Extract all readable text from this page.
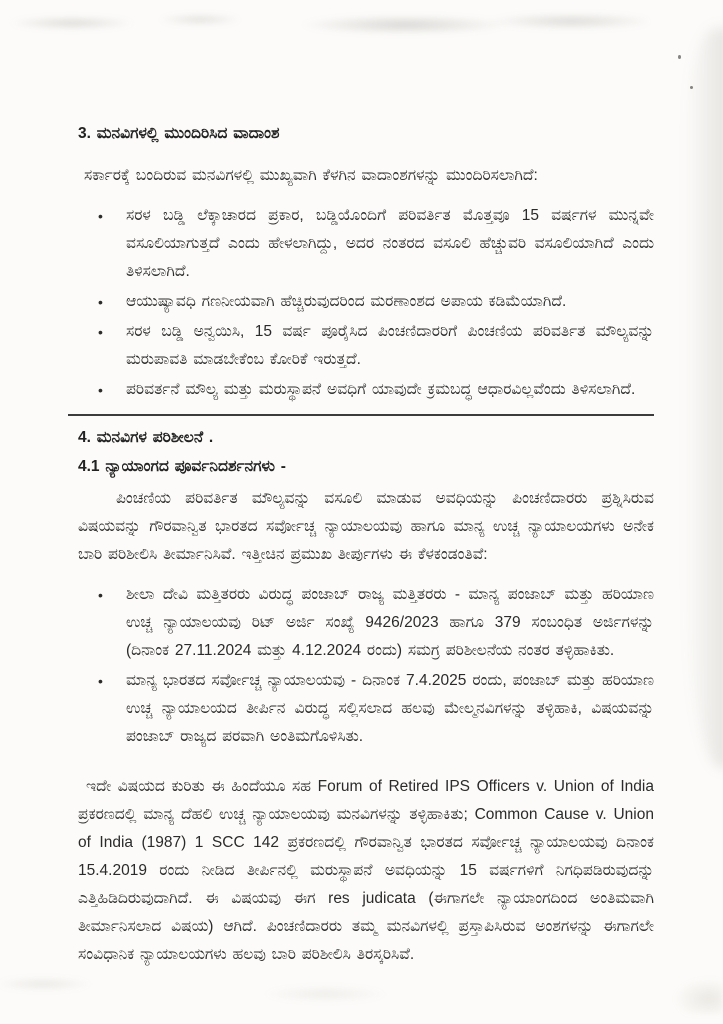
3. ಮನವಿಗಳಲ್ಲಿ ಮುಂದಿರಿಸಿದ ವಾದಾಂಶ

ಸರ್ಕಾರಕ್ಕೆ ಬಂದಿರುವ ಮನವಿಗಳಲ್ಲಿ ಮುಖ್ಯವಾಗಿ ಕೆಳಗಿನ ವಾದಾಂಶಗಳನ್ನು ಮುಂದಿರಿಸಲಾಗಿದೆ:

• ಸರಳ ಬಡ್ಡಿ ಲೆಕ್ಕಾಚಾರದ ಪ್ರಕಾರ, ಬಡ್ಡಿಯೊಂದಿಗೆ ಪರಿವರ್ತಿತ ಮೊತ್ತವೂ 15 ವರ್ಷಗಳ ಮುನ್ನವೇ ವಸೂಲಿಯಾಗುತ್ತದೆ ಎಂದು ಹೇಳಲಾಗಿದ್ದು, ಅದರ ನಂತರದ ವಸೂಲಿ ಹೆಚ್ಚುವರಿ ವಸೂಲಿಯಾಗಿದೆ ಎಂದು ತಿಳಿಸಲಾಗಿದೆ.
• ಆಯುಷ್ಯಾವಧಿ ಗಣನೀಯವಾಗಿ ಹೆಚ್ಚಿರುವುದರಿಂದ ಮರಣಾಂಶದ ಅಪಾಯ ಕಡಿಮೆಯಾಗಿದೆ.
• ಸರಳ ಬಡ್ಡಿ ಅನ್ವಯಿಸಿ, 15 ವರ್ಷ ಪೂರೈಸಿದ ಪಿಂಚಣಿದಾರರಿಗೆ ಪಿಂಚಣಿಯ ಪರಿವರ್ತಿತ ಮೌಲ್ಯವನ್ನು ಮರುಪಾವತಿ ಮಾಡಬೇಕೆಂಬ ಕೋರಿಕೆ ಇರುತ್ತದೆ.
• ಪರಿವರ್ತನೆ ಮೌಲ್ಯ ಮತ್ತು ಮರುಸ್ಥಾಪನೆ ಅವಧಿಗೆ ಯಾವುದೇ ಕ್ರಮಬದ್ಧ ಆಧಾರವಿಲ್ಲವೆಂದು ತಿಳಿಸಲಾಗಿದೆ.
4. ಮನವಿಗಳ ಪರಿಶೀಲನೆ .
4.1 ನ್ಯಾಯಾಂಗದ ಪೂರ್ವನಿದರ್ಶನಗಳು -

ಪಿಂಚಣಿಯ ಪರಿವರ್ತಿತ ಮೌಲ್ಯವನ್ನು ವಸೂಲಿ ಮಾಡುವ ಅವಧಿಯನ್ನು ಪಿಂಚಣಿದಾರರು ಪ್ರಶ್ನಿಸಿರುವ ವಿಷಯವನ್ನು ಗೌರವಾನ್ವಿತ ಭಾರತದ ಸರ್ವೋಚ್ಚ ನ್ಯಾಯಾಲಯವು ಹಾಗೂ ಮಾನ್ಯ ಉಚ್ಚ ನ್ಯಾಯಾಲಯಗಳು ಅನೇಕ ಬಾರಿ ಪರಿಶೀಲಿಸಿ ತೀರ್ಮಾನಿಸಿವೆ. ಇತ್ತೀಚಿನ ಪ್ರಮುಖ ತೀರ್ಪುಗಳು ಈ ಕೆಳಕಂಡಂತಿವೆ:

• ಶೀಲಾ ದೇವಿ ಮತ್ತಿತರರು ವಿರುದ್ಧ ಪಂಜಾಬ್ ರಾಜ್ಯ ಮತ್ತಿತರರು - ಮಾನ್ಯ ಪಂಜಾಬ್ ಮತ್ತು ಹರಿಯಾಣ ಉಚ್ಚ ನ್ಯಾಯಾಲಯವು ರಿಟ್ ಅರ್ಜಿ ಸಂಖ್ಯೆ 9426/2023 ಹಾಗೂ 379 ಸಂಬಂಧಿತ ಅರ್ಜಿಗಳನ್ನು (ದಿನಾಂಕ 27.11.2024 ಮತ್ತು 4.12.2024 ರಂದು) ಸಮಗ್ರ ಪರಿಶೀಲನೆಯ ನಂತರ ತಳ್ಳಿಹಾಕಿತು.
• ಮಾನ್ಯ ಭಾರತದ ಸರ್ವೋಚ್ಚ ನ್ಯಾಯಾಲಯವು - ದಿನಾಂಕ 7.4.2025 ರಂದು, ಪಂಜಾಬ್ ಮತ್ತು ಹರಿಯಾಣ ಉಚ್ಚ ನ್ಯಾಯಾಲಯದ ತೀರ್ಪಿನ ವಿರುದ್ಧ ಸಲ್ಲಿಸಲಾದ ಹಲವು ಮೇಲ್ಮನವಿಗಳನ್ನು ತಳ್ಳಿಹಾಕಿ, ವಿಷಯವನ್ನು ಪಂಜಾಬ್ ರಾಜ್ಯದ ಪರವಾಗಿ ಅಂತಿಮಗೊಳಿಸಿತು.

ಇದೇ ವಿಷಯದ ಕುರಿತು ಈ ಹಿಂದೆಯೂ ಸಹ Forum of Retired IPS Officers v. Union of India ಪ್ರಕರಣದಲ್ಲಿ ಮಾನ್ಯ ದೆಹಲಿ ಉಚ್ಚ ನ್ಯಾಯಾಲಯವು ಮನವಿಗಳನ್ನು ತಳ್ಳಿಹಾಕಿತು; Common Cause v. Union of India (1987) 1 SCC 142 ಪ್ರಕರಣದಲ್ಲಿ ಗೌರವಾನ್ವಿತ ಭಾರತದ ಸರ್ವೋಚ್ಚ ನ್ಯಾಯಾಲಯವು ದಿನಾಂಕ 15.4.2019 ರಂದು ನೀಡಿದ ತೀರ್ಪಿನಲ್ಲಿ ಮರುಸ್ಥಾಪನೆ ಅವಧಿಯನ್ನು 15 ವರ್ಷಗಳಿಗೆ ನಿಗಧಿಪಡಿರುವುದನ್ನು ಎತ್ತಿಹಿಡಿದಿರುವುದಾಗಿದೆ. ಈ ವಿಷಯವು ಈಗ res judicata (ಈಗಾಗಲೇ ನ್ಯಾಯಾಂಗದಿಂದ ಅಂತಿಮವಾಗಿ ತೀರ್ಮಾನಿಸಲಾದ ವಿಷಯ) ಆಗಿದೆ. ಪಿಂಚಣಿದಾರರು ತಮ್ಮ ಮನವಿಗಳಲ್ಲಿ ಪ್ರಸ್ತಾಪಿಸಿರುವ ಅಂಶಗಳನ್ನು ಈಗಾಗಲೇ ಸಂವಿಧಾನಿಕ ನ್ಯಾಯಾಲಯಗಳು ಹಲವು ಬಾರಿ ಪರಿಶೀಲಿಸಿ ತಿರಸ್ಕರಿಸಿವೆ.
